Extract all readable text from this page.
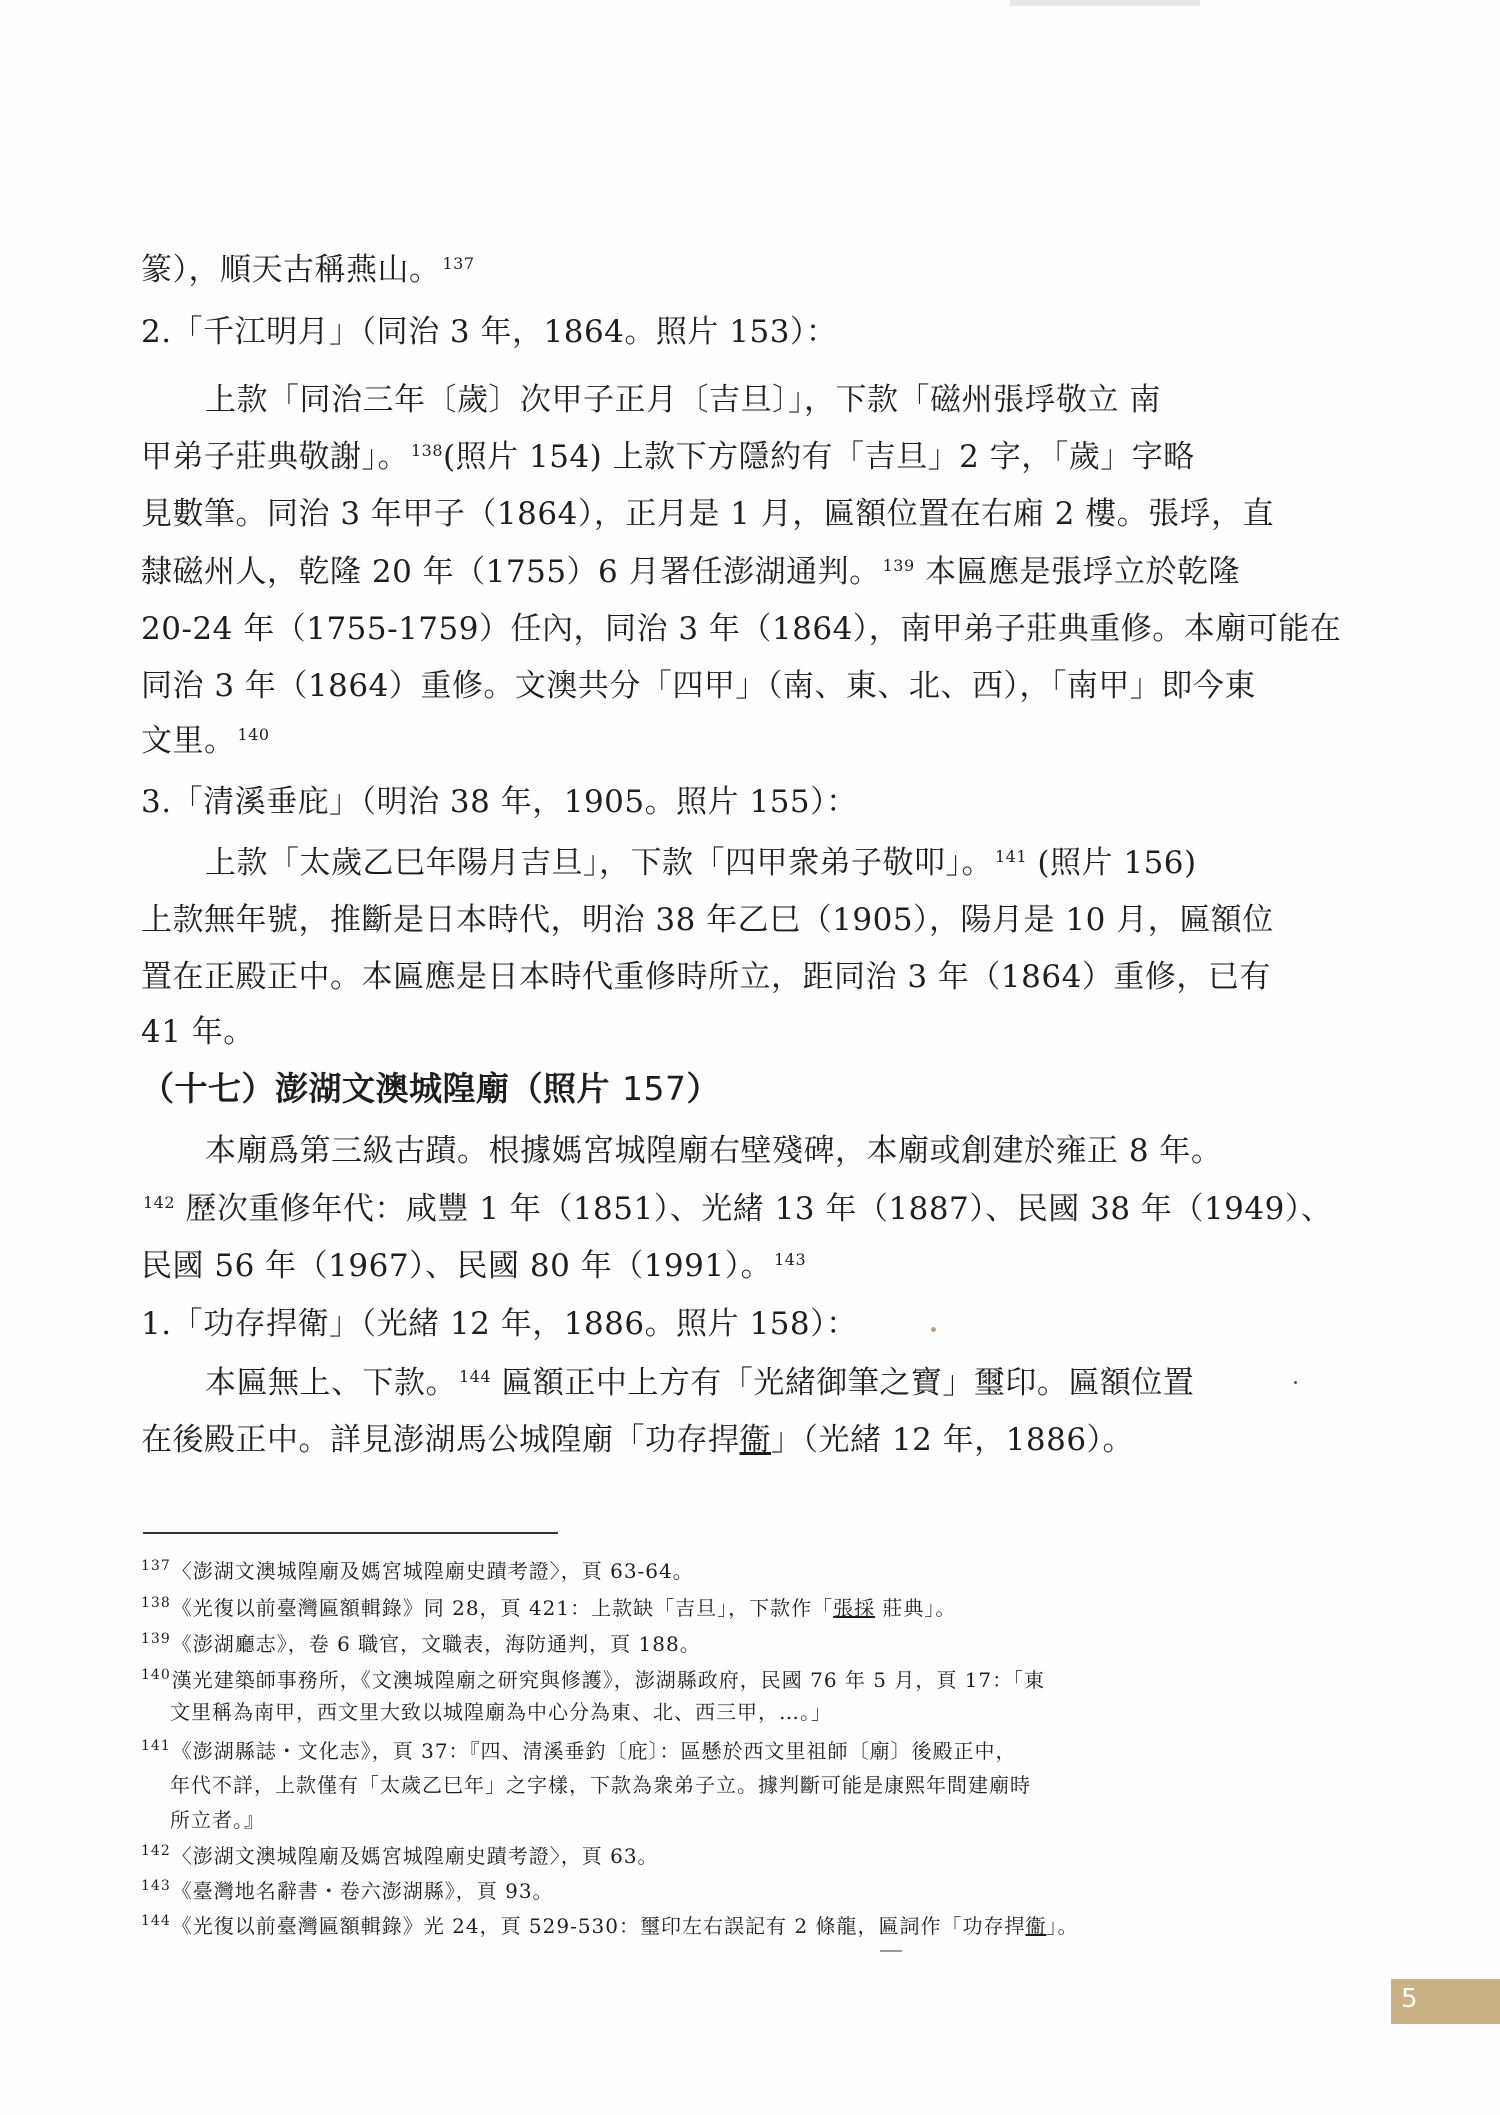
篆），順天古稱燕山。 $^{137}$
2.「千江明月」（同治 3 年，1864。照片 153）：
上款「同治三年〔歲〕次甲子正月〔吉旦〕」，下款「磁州張垺敬立 南
甲弟子莊典敬謝」。 $^{138}$(照片 154) 上款下方隱約有「吉旦」2 字，「歲」字略
見數筆。同治 3 年甲子（1864），正月是 1 月，匾額位置在右廂 2 樓。張垺，直
隸磁州人，乾隆 20 年（1755）6 月署任澎湖通判。 $^{139}$ 本匾應是張垺立於乾隆
20-24 年（1755-1759）任內，同治 3 年（1864），南甲弟子莊典重修。本廟可能在
同治 3 年（1864）重修。文澳共分「四甲」（南、東、北、西），「南甲」即今東
文里。 $^{140}$
3.「清溪垂庇」（明治 38 年，1905。照片 155）：
上款「太歲乙巳年陽月吉旦」，下款「四甲衆弟子敬叩」。 $^{141}$ (照片 156)
上款無年號，推斷是日本時代，明治 38 年乙巳（1905），陽月是 10 月，匾額位
置在正殿正中。本匾應是日本時代重修時所立，距同治 3 年（1864）重修，已有
41 年。
（十七）澎湖文澳城隍廟（照片 157）
本廟爲第三級古蹟。根據媽宮城隍廟右壁殘碑，本廟或創建於雍正 8 年。
$^{142}$ 歷次重修年代：咸豐 1 年（1851）、光緒 13 年（1887）、民國 38 年（1949）、
民國 56 年（1967）、民國 80 年（1991）。 $^{143}$
1.「功存捍衛」（光緒 12 年，1886。照片 158）：
本匾無上、下款。 $^{144}$ 匾額正中上方有「光緒御筆之寶」璽印。匾額位置
在後殿正中。詳見澎湖馬公城隍廟「功存捍衞」（光緒 12 年，1886）。
$^{137}$〈澎湖文澳城隍廟及媽宮城隍廟史蹟考證〉，頁 63-64。
$^{138}$《光復以前臺灣匾額輯錄》同 28，頁 421：上款缺「吉旦」，下款作「張採 莊典」。
$^{139}$《澎湖廳志》，卷 6 職官，文職表，海防通判，頁 188。
$^{140}$漢光建築師事務所，《文澳城隍廟之研究與修護》，澎湖縣政府，民國 76 年 5 月，頁 17：「東
文里稱為南甲，西文里大致以城隍廟為中心分為東、北、西三甲，…。」
$^{141}$《澎湖縣誌・文化志》，頁 37：『四、清溪垂釣〔庇〕：區懸於西文里祖師〔廟〕後殿正中，
年代不詳，上款僅有「太歲乙巳年」之字樣，下款為衆弟子立。據判斷可能是康熙年間建廟時
所立者。』
$^{142}$〈澎湖文澳城隍廟及媽宮城隍廟史蹟考證〉，頁 63。
$^{143}$《臺灣地名辭書・卷六澎湖縣》，頁 93。
$^{144}$《光復以前臺灣匾額輯錄》光 24，頁 529-530：璽印左右誤記有 2 條龍，匾詞作「功存捍衞」。
5
